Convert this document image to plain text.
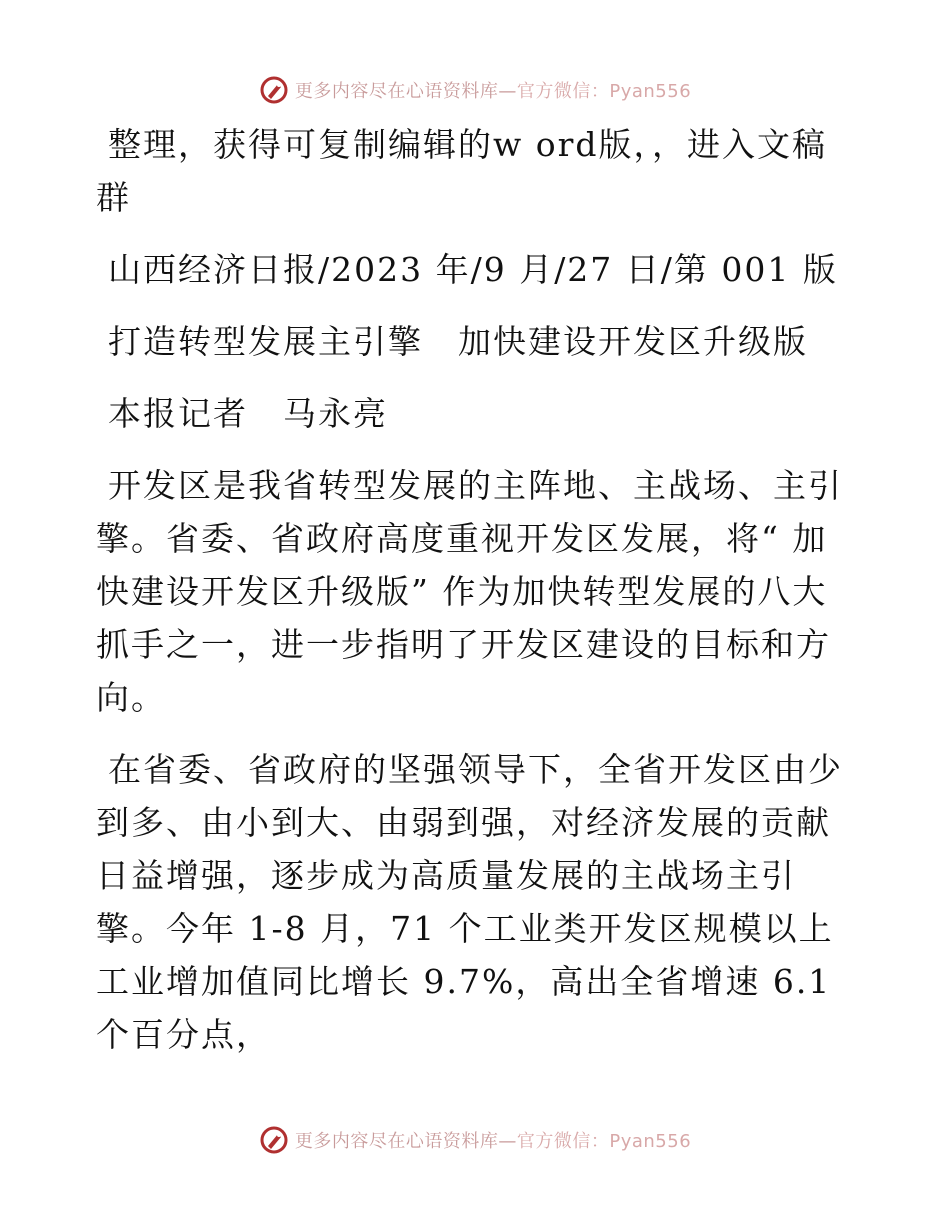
更多内容尽在心语资料库—官方微信：Pyan556

整理，获得可复制编辑的w ord版，，进入文稿群

山西经济日报/2023 年/9 月/27 日/第 001 版

打造转型发展主引擎　加快建设开发区升级版

本报记者　马永亮

开发区是我省转型发展的主阵地、主战场、主引擎。省委、省政府高度重视开发区发展，将“ 加快建设开发区升级版” 作为加快转型发展的八大抓手之一，进一步指明了开发区建设的目标和方向。

在省委、省政府的坚强领导下，全省开发区由少到多、由小到大、由弱到强，对经济发展的贡献日益增强，逐步成为高质量发展的主战场主引擎。今年 1-8 月，71 个工业类开发区规模以上工业增加值同比增长 9.7%，高出全省增速 6.1 个百分点，

更多内容尽在心语资料库—官方微信：Pyan556
